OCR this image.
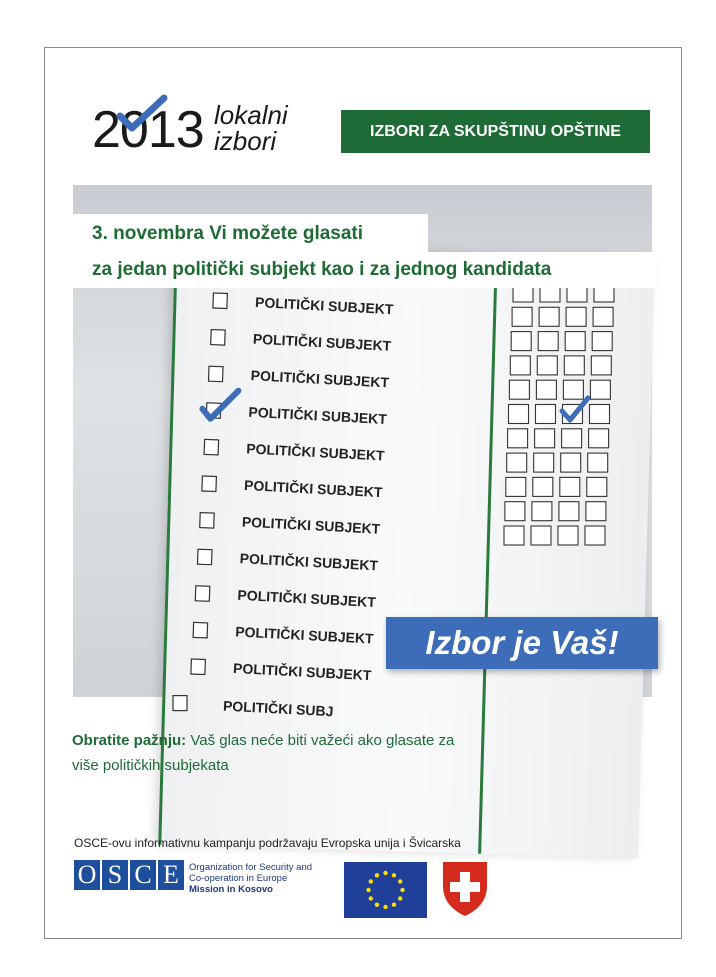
2013 lokalni
izbori	IZBORI ZA SKUPŠTINU OPŠTINE
POLITIČKI SUBJEKT
POLITIČKI SUBJEKT
POLITIČKI SUBJEKT
POLITIČKI SUBJEKT
POLITIČKI SUBJEKT
POLITIČKI SUBJEKT
POLITIČKI SUBJEKT
POLITIČKI SUBJEKT
POLITIČKI SUBJEKT
POLITIČKI SUBJEKT
POLITIČKI SUBJEKT
POLITIČKI SUBJ
3. novembra Vi možete glasati
za jedan politički subjekt kao i za jednog kandidata
Izbor je Vaš!
Obratite pažnju: Vaš glas neće biti važeći ako glasate za
više političkih subjekata
OSCE-ovu informativnu kampanju podržavaju Evropska unija i Švicarska
O S C E	Organization for Security and
Co-operation in Europe
Mission in Kosovo
